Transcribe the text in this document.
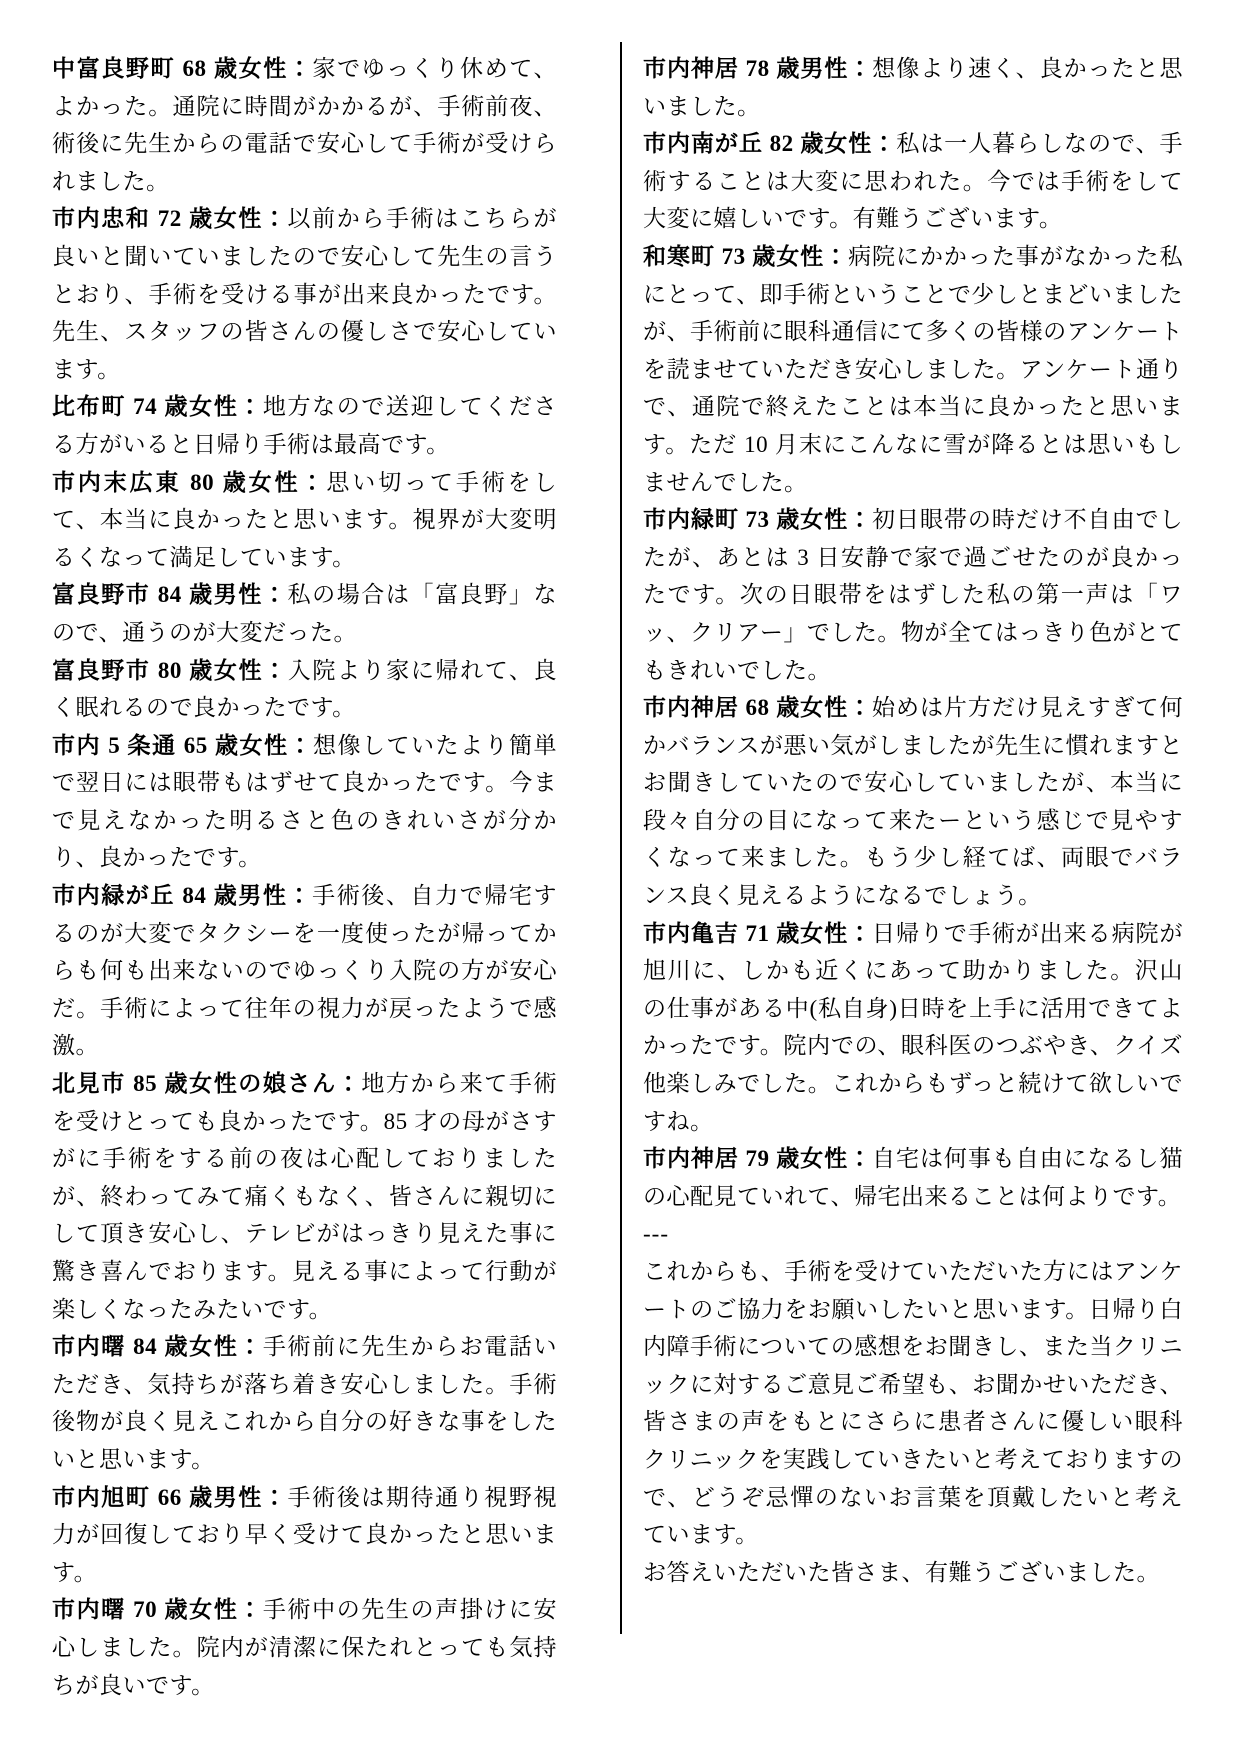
中富良野町 68 歳女性：家でゆっくり休めて、よかった。通院に時間がかかるが、手術前夜、術後に先生からの電話で安心して手術が受けられました。

市内忠和 72 歳女性：以前から手術はこちらが良いと聞いていましたので安心して先生の言うとおり、手術を受ける事が出来良かったです。先生、スタッフの皆さんの優しさで安心しています。

比布町 74 歳女性：地方なので送迎してくださる方がいると日帰り手術は最高です。

市内末広東 80 歳女性：思い切って手術をして、本当に良かったと思います。視界が大変明るくなって満足しています。

富良野市 84 歳男性：私の場合は「富良野」なので、通うのが大変だった。

富良野市 80 歳女性：入院より家に帰れて、良く眠れるので良かったです。

市内 5 条通 65 歳女性：想像していたより簡単で翌日には眼帯もはずせて良かったです。今まで見えなかった明るさと色のきれいさが分かり、良かったです。

市内緑が丘 84 歳男性：手術後、自力で帰宅するのが大変でタクシーを一度使ったが帰ってからも何も出来ないのでゆっくり入院の方が安心だ。手術によって往年の視力が戻ったようで感激。

北見市 85 歳女性の娘さん：地方から来て手術を受けとっても良かったです。85 才の母がさすがに手術をする前の夜は心配しておりましたが、終わってみて痛くもなく、皆さんに親切にして頂き安心し、テレビがはっきり見えた事に驚き喜んでおります。見える事によって行動が楽しくなったみたいです。

市内曙 84 歳女性：手術前に先生からお電話いただき、気持ちが落ち着き安心しました。手術後物が良く見えこれから自分の好きな事をしたいと思います。

市内旭町 66 歳男性：手術後は期待通り視野視力が回復しており早く受けて良かったと思います。

市内曙 70 歳女性：手術中の先生の声掛けに安心しました。院内が清潔に保たれとっても気持ちが良いです。

市内神居 78 歳男性：想像より速く、良かったと思いました。

市内南が丘 82 歳女性：私は一人暮らしなので、手術することは大変に思われた。今では手術をして大変に嬉しいです。有難うございます。

和寒町 73 歳女性：病院にかかった事がなかった私にとって、即手術ということで少しとまどいましたが、手術前に眼科通信にて多くの皆様のアンケートを読ませていただき安心しました。アンケート通りで、通院で終えたことは本当に良かったと思います。ただ 10 月末にこんなに雪が降るとは思いもしませんでした。

市内緑町 73 歳女性：初日眼帯の時だけ不自由でしたが、あとは 3 日安静で家で過ごせたのが良かったです。次の日眼帯をはずした私の第一声は「ワッ、クリアー」でした。物が全てはっきり色がとてもきれいでした。

市内神居 68 歳女性：始めは片方だけ見えすぎて何かバランスが悪い気がしましたが先生に慣れますとお聞きしていたので安心していましたが、本当に段々自分の目になって来たーという感じで見やすくなって来ました。もう少し経てば、両眼でバランス良く見えるようになるでしょう。

市内亀吉 71 歳女性：日帰りで手術が出来る病院が旭川に、しかも近くにあって助かりました。沢山の仕事がある中(私自身)日時を上手に活用できてよかったです。院内での、眼科医のつぶやき、クイズ他楽しみでした。これからもずっと続けて欲しいですね。

市内神居 79 歳女性：自宅は何事も自由になるし猫の心配見ていれて、帰宅出来ることは何よりです。

---

これからも、手術を受けていただいた方にはアンケートのご協力をお願いしたいと思います。日帰り白内障手術についての感想をお聞きし、また当クリニックに対するご意見ご希望も、お聞かせいただき、皆さまの声をもとにさらに患者さんに優しい眼科クリニックを実践していきたいと考えておりますので、どうぞ忌憚のないお言葉を頂戴したいと考えています。

お答えいただいた皆さま、有難うございました。
